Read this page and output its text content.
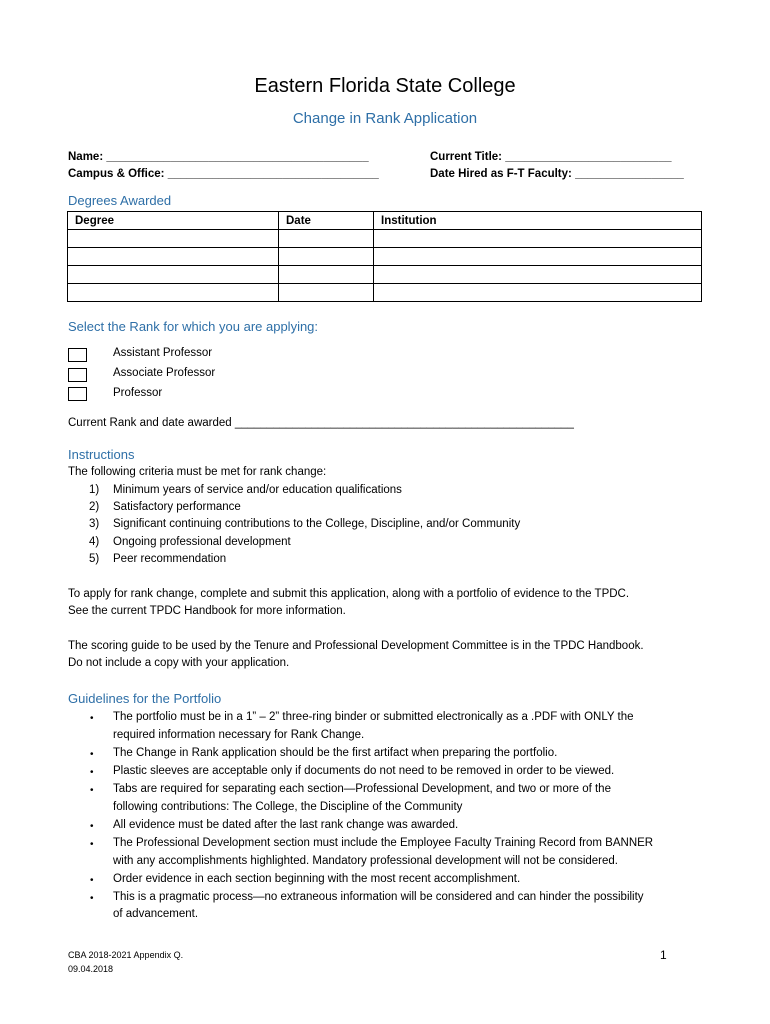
Eastern Florida State College
Change in Rank Application
Name: _________________________________________
Campus & Office: _________________________________
Current Title: __________________________
Date Hired as F-T Faculty: _________________
Degrees Awarded
Degree	Date	Institution

Select the Rank for which you are applying:
Assistant Professor
Associate Professor
Professor
Current Rank and date awarded _____________________________________________________
Instructions
The following criteria must be met for rank change:
1) Minimum years of service and/or education qualifications
2) Satisfactory performance
3) Significant continuing contributions to the College, Discipline, and/or Community
4) Ongoing professional development
5) Peer recommendation
To apply for rank change, complete and submit this application, along with a portfolio of evidence to the TPDC.
See the current TPDC Handbook for more information.
The scoring guide to be used by the Tenure and Professional Development Committee is in the TPDC Handbook.
Do not include a copy with your application.
Guidelines for the Portfolio
• The portfolio must be in a 1” – 2” three-ring binder or submitted electronically as a .PDF with ONLY the
required information necessary for Rank Change.
• The Change in Rank application should be the first artifact when preparing the portfolio.
• Plastic sleeves are acceptable only if documents do not need to be removed in order to be viewed.
• Tabs are required for separating each section—Professional Development, and two or more of the
following contributions: The College, the Discipline of the Community
• All evidence must be dated after the last rank change was awarded.
• The Professional Development section must include the Employee Faculty Training Record from BANNER
with any accomplishments highlighted. Mandatory professional development will not be considered.
• Order evidence in each section beginning with the most recent accomplishment.
• This is a pragmatic process—no extraneous information will be considered and can hinder the possibility
of advancement.
CBA 2018-2021 Appendix Q.
09.04.2018
1
